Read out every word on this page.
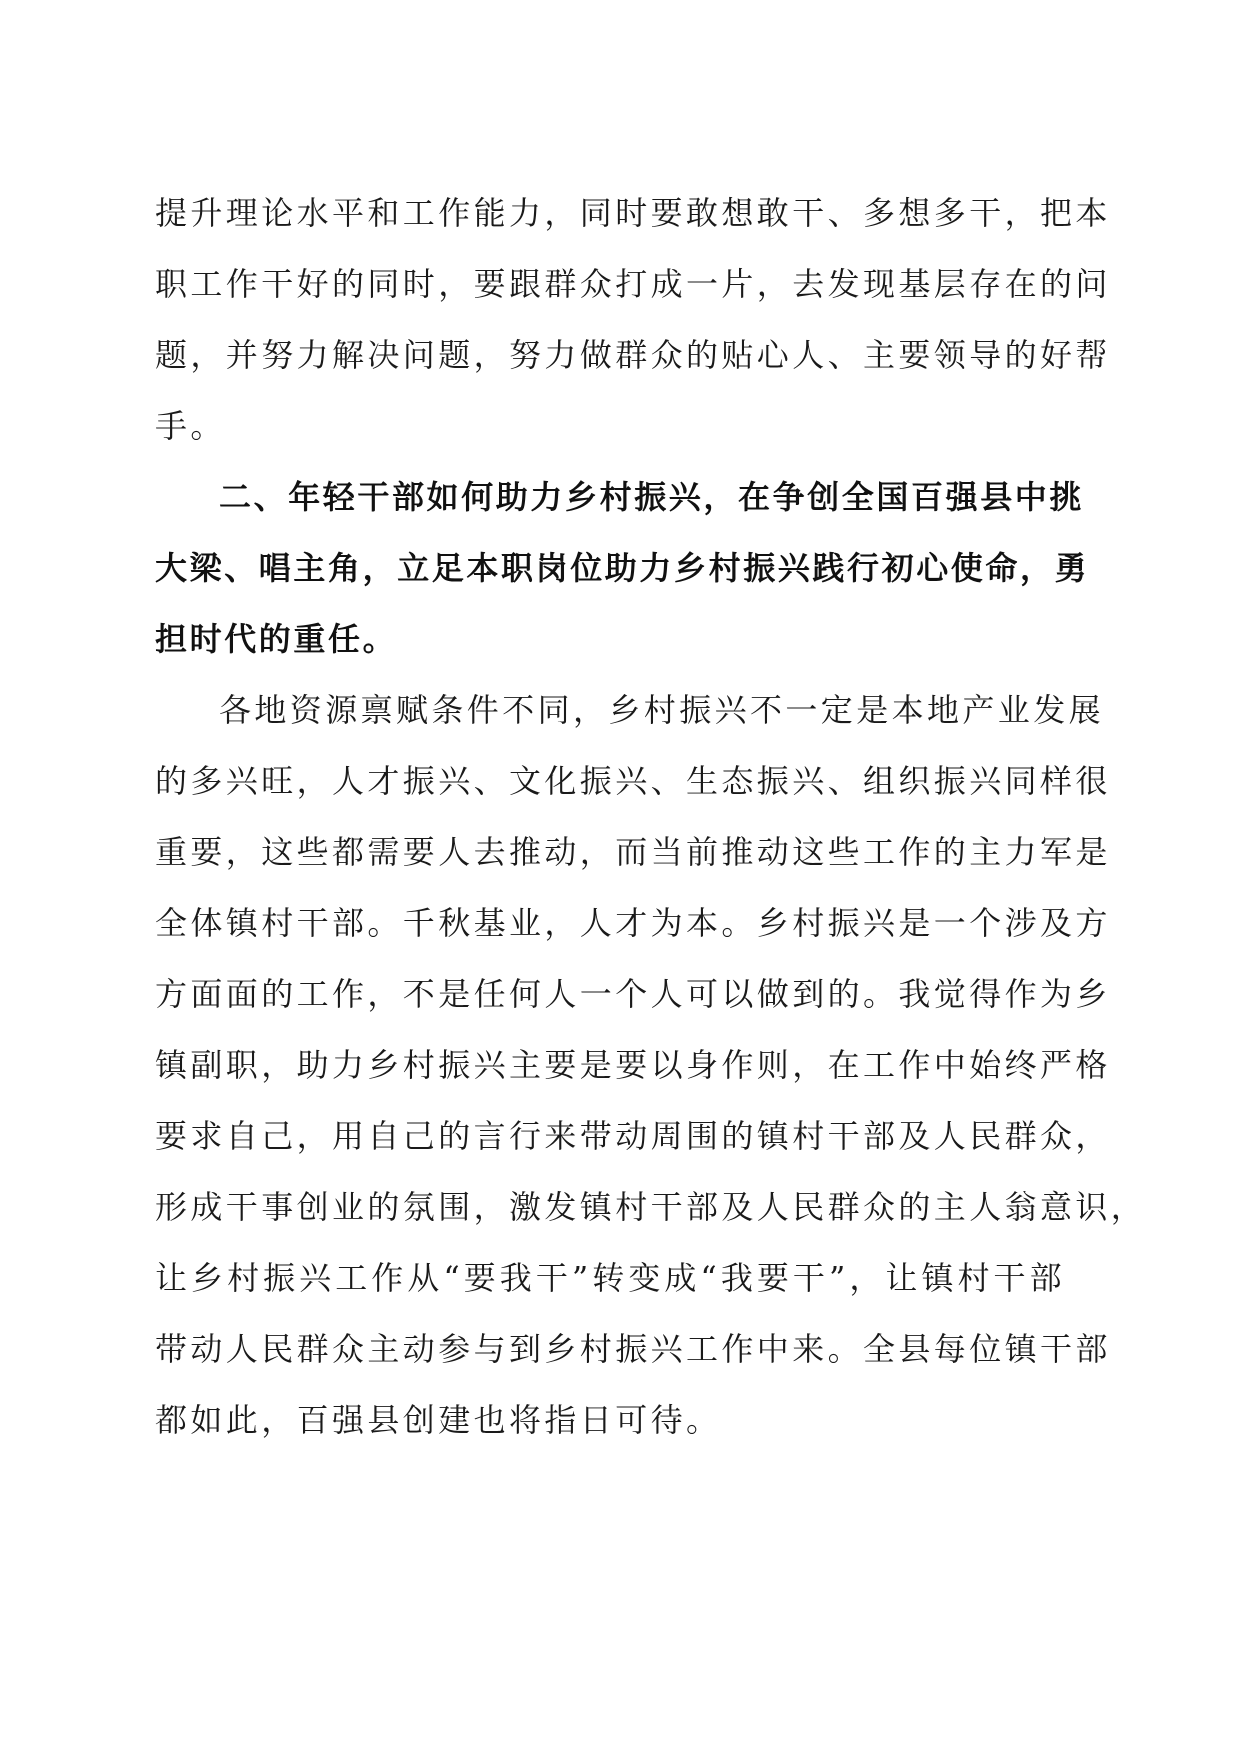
提升理论水平和工作能力，同时要敢想敢干、多想多干，把本
职工作干好的同时，要跟群众打成一片，去发现基层存在的问
题，并努力解决问题，努力做群众的贴心人、主要领导的好帮
手。
二、年轻干部如何助力乡村振兴，在争创全国百强县中挑
大梁、唱主角，立足本职岗位助力乡村振兴践行初心使命，勇
担时代的重任。
各地资源禀赋条件不同，乡村振兴不一定是本地产业发展
的多兴旺，人才振兴、文化振兴、生态振兴、组织振兴同样很
重要，这些都需要人去推动，而当前推动这些工作的主力军是
全体镇村干部。千秋基业，人才为本。乡村振兴是一个涉及方
方面面的工作，不是任何人一个人可以做到的。我觉得作为乡
镇副职，助力乡村振兴主要是要以身作则，在工作中始终严格
要求自己，用自己的言行来带动周围的镇村干部及人民群众，
形成干事创业的氛围，激发镇村干部及人民群众的主人翁意识，
让乡村振兴工作从“要我干”转变成“我要干”，让镇村干部
带动人民群众主动参与到乡村振兴工作中来。全县每位镇干部
都如此，百强县创建也将指日可待。
